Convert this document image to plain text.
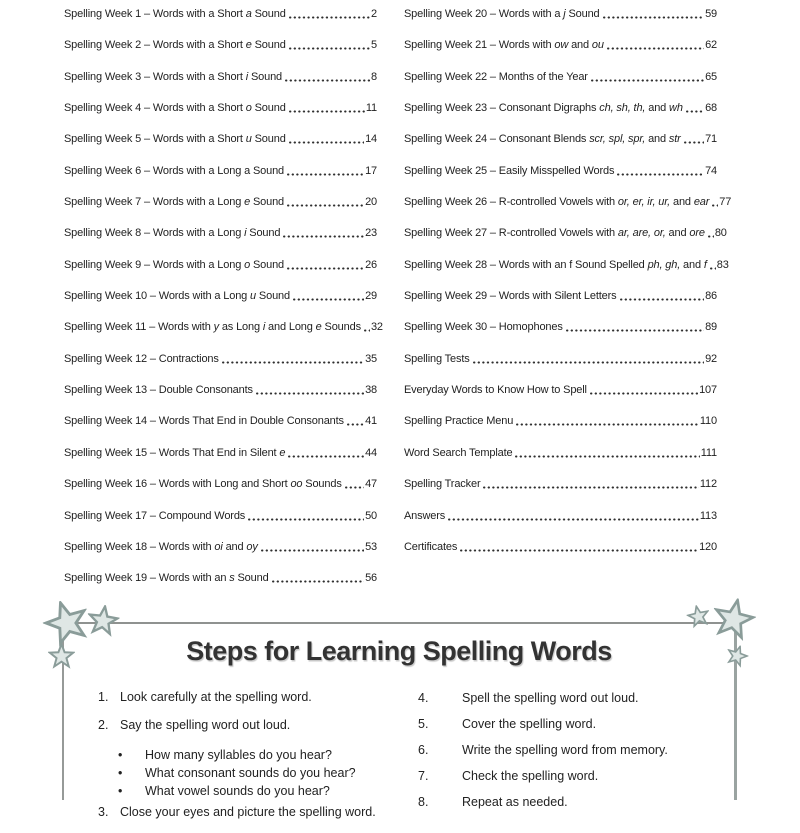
Spelling Week 1 – Words with a Short a Sound	2
Spelling Week 2 – Words with a Short e Sound	5
Spelling Week 3 – Words with a Short i Sound	8
Spelling Week 4 – Words with a Short o Sound	11
Spelling Week 5 – Words with a Short u Sound	14
Spelling Week 6 – Words with a Long a Sound	17
Spelling Week 7 – Words with a Long e Sound	20
Spelling Week 8 – Words with a Long i Sound	23
Spelling Week 9 – Words with a Long o Sound	26
Spelling Week 10 – Words with a Long u Sound	29
Spelling Week 11 – Words with y as Long i and Long e Sounds 32
Spelling Week 12 – Contractions	35
Spelling Week 13 – Double Consonants	38
Spelling Week 14 – Words That End in Double Consonants 41
Spelling Week 15 – Words That End in Silent e	44
Spelling Week 16 – Words with Long and Short oo Sounds 47
Spelling Week 17 – Compound Words	50
Spelling Week 18 – Words with oi and oy	53
Spelling Week 19 – Words with an s Sound	56
Spelling Week 20 – Words with a j Sound	59
Spelling Week 21 – Words with ow and ou	62
Spelling Week 22 – Months of the Year	65
Spelling Week 23 – Consonant Digraphs ch, sh, th, and wh 68
Spelling Week 24 – Consonant Blends scr, spl, spr, and str 71
Spelling Week 25 – Easily Misspelled Words	74
Spelling Week 26 – R-controlled Vowels with or, er, ir, ur, and ear 77
Spelling Week 27 – R-controlled Vowels with ar, are, or, and ore 80
Spelling Week 28 – Words with an f Sound Spelled ph, gh, and f 83
Spelling Week 29 – Words with Silent Letters	86
Spelling Week 30 – Homophones	89
Spelling Tests	92
Everyday Words to Know How to Spell	107
Spelling Practice Menu	110
Word Search Template	111
Spelling Tracker	112
Answers	113
Certificates	120
Steps for Learning Spelling Words
1. Look carefully at the spelling word.
2. Say the spelling word out loud.
•	How many syllables do you hear?
•	What consonant sounds do you hear?
•	What vowel sounds do you hear?
3. Close your eyes and picture the spelling word.
4.	Spell the spelling word out loud.
5.	Cover the spelling word.
6.	Write the spelling word from memory.
7.	Check the spelling word.
8.	Repeat as needed.
